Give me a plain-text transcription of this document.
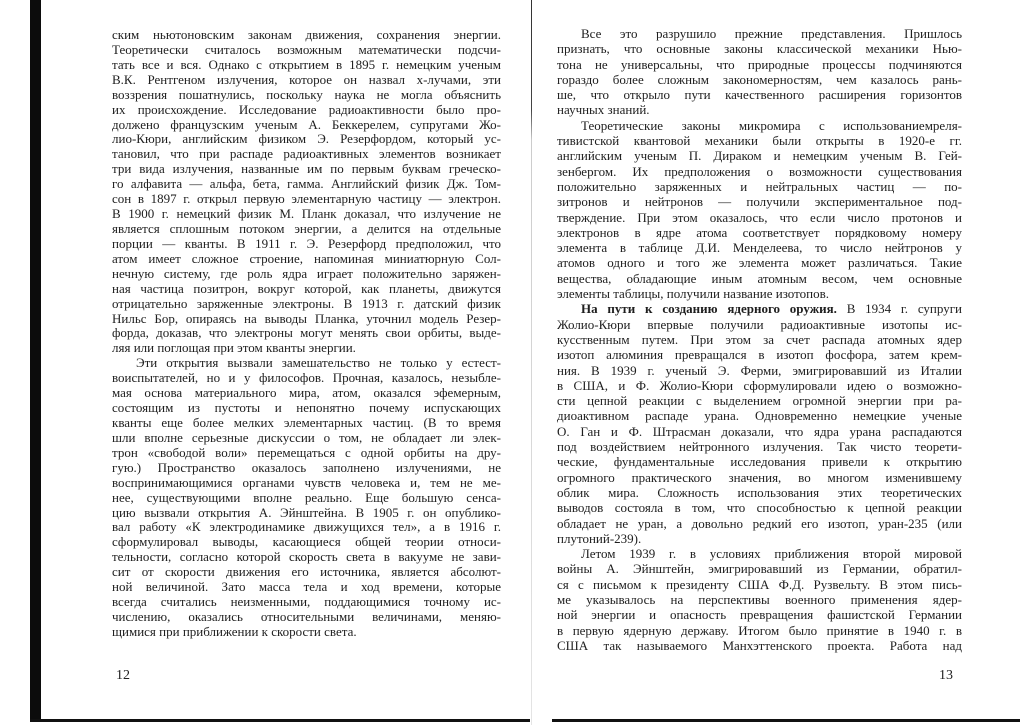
ским ньютоновским законам движения, сохранения энергии.
Теоретически считалось возможным математически подсчи-
тать все и вся. Однако с открытием в 1895 г. немецким ученым
В.К. Рентгеном излучения, которое он назвал x-лучами, эти
воззрения пошатнулись, поскольку наука не могла объяснить
их происхождение. Исследование радиоактивности было про-
должено французским ученым А. Беккерелем, супругами Жо-
лио-Кюри, английским физиком Э. Резерфордом, который ус-
тановил, что при распаде радиоактивных элементов возникает
три вида излучения, названные им по первым буквам греческо-
го алфавита — альфа, бета, гамма. Английский физик Дж. Том-
сон в 1897 г. открыл первую элементарную частицу — электрон.
В 1900 г. немецкий физик М. Планк доказал, что излучение не
является сплошным потоком энергии, а делится на отдельные
порции — кванты. В 1911 г. Э. Резерфорд предположил, что
атом имеет сложное строение, напоминая миниатюрную Сол-
нечную систему, где роль ядра играет положительно заряжен-
ная частица позитрон, вокруг которой, как планеты, движутся
отрицательно заряженные электроны. В 1913 г. датский физик
Нильс Бор, опираясь на выводы Планка, уточнил модель Резер-
форда, доказав, что электроны могут менять свои орбиты, выде-
ляя или поглощая при этом кванты энергии.
Эти открытия вызвали замешательство не только у естест-
воиспытателей, но и у философов. Прочная, казалось, незыбле-
мая основа материального мира, атом, оказался эфемерным,
состоящим из пустоты и непонятно почему испускающих
кванты еще более мелких элементарных частиц. (В то время
шли вполне серьезные дискуссии о том, не обладает ли элек-
трон «свободой воли» перемещаться с одной орбиты на дру-
гую.) Пространство оказалось заполнено излучениями, не
воспринимающимися органами чувств человека и, тем не ме-
нее, существующими вполне реально. Еще большую сенса-
цию вызвали открытия А. Эйнштейна. В 1905 г. он опублико-
вал работу «К электродинамике движущихся тел», а в 1916 г.
сформулировал выводы, касающиеся общей теории относи-
тельности, согласно которой скорость света в вакууме не зави-
сит от скорости движения его источника, является абсолют-
ной величиной. Зато масса тела и ход времени, которые
всегда считались неизменными, поддающимися точному ис-
числению, оказались относительными величинами, меняю-
щимися при приближении к скорости света.
12
Все это разрушило прежние представления. Пришлось
признать, что основные законы классической механики Нью-
тона не универсальны, что природные процессы подчиняются
гораздо более сложным закономерностям, чем казалось рань-
ше, что открыло пути качественного расширения горизонтов
научных знаний.
Теоретические законы микромира с использованиемреля-
тивистской квантовой механики были открыты в 1920-е гг.
английским ученым П. Дираком и немецким ученым В. Гей-
зенбергом. Их предположения о возможности существования
положительно заряженных и нейтральных частиц — по-
зитронов и нейтронов — получили экспериментальное под-
тверждение. При этом оказалось, что если число протонов и
электронов в ядре атома соответствует порядковому номеру
элемента в таблице Д.И. Менделеева, то число нейтронов у
атомов одного и того же элемента может различаться. Такие
вещества, обладающие иным атомным весом, чем основные
элементы таблицы, получили название изотопов.
На пути к созданию ядерного оружия. В 1934 г. супруги
Жолио-Кюри впервые получили радиоактивные изотопы ис-
кусственным путем. При этом за счет распада атомных ядер
изотоп алюминия превращался в изотоп фосфора, затем крем-
ния. В 1939 г. ученый Э. Ферми, эмигрировавший из Италии
в США, и Ф. Жолио-Кюри сформулировали идею о возможно-
сти цепной реакции с выделением огромной энергии при ра-
диоактивном распаде урана. Одновременно немецкие ученые
О. Ган и Ф. Штрасман доказали, что ядра урана распадаются
под воздействием нейтронного излучения. Так чисто теорети-
ческие, фундаментальные исследования привели к открытию
огромного практического значения, во многом изменившему
облик мира. Сложность использования этих теоретических
выводов состояла в том, что способностью к цепной реакции
обладает не уран, а довольно редкий его изотоп, уран-235 (или
плутоний-239).
Летом 1939 г. в условиях приближения второй мировой
войны А. Эйнштейн, эмигрировавший из Германии, обратил-
ся с письмом к президенту США Ф.Д. Рузвельту. В этом пись-
ме указывалось на перспективы военного применения ядер-
ной энергии и опасность превращения фашистской Германии
в первую ядерную державу. Итогом было принятие в 1940 г. в
США так называемого Манхэттенского проекта. Работа над
13
